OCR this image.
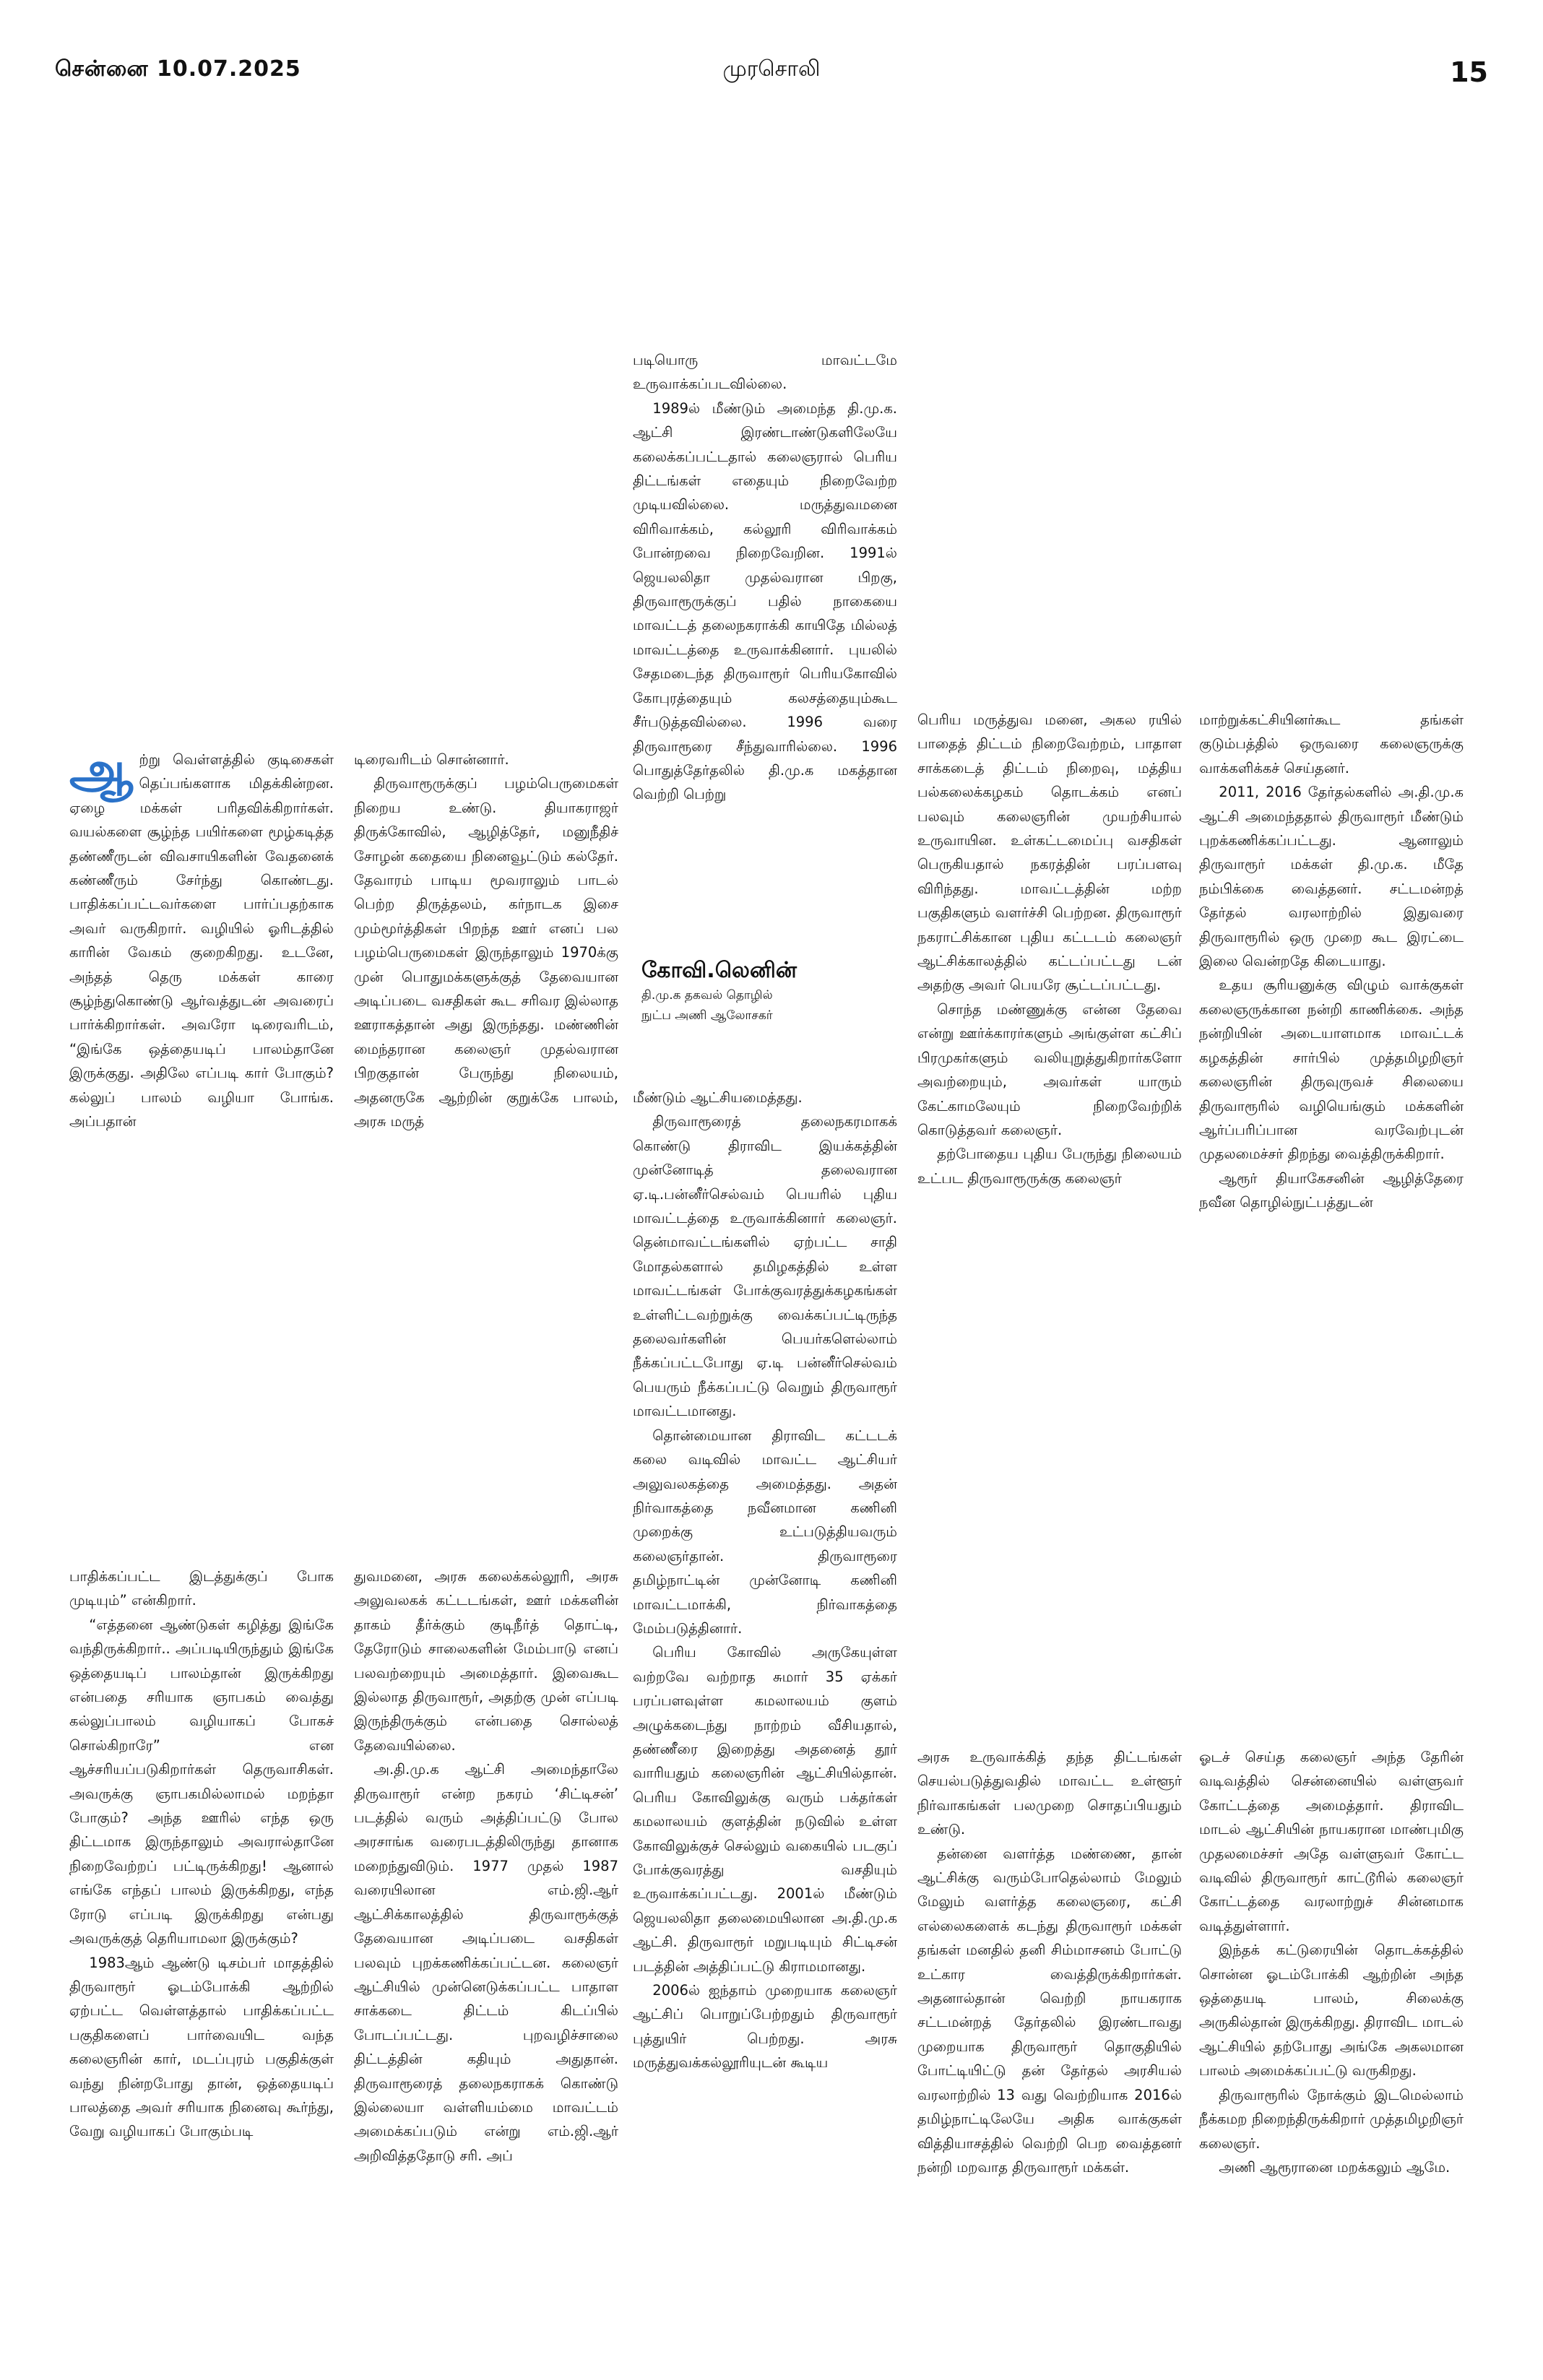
சென்னை 10.07.2025	முரசொலி	15

ஆற்று வெள்ளத்தில் குடிசைகள் தெப்பங்களாக மிதக்கின்றன. ஏழை மக்கள் பரிதவிக்கிறார்கள். வயல்களை சூழ்ந்த பயிர்களை மூழ்கடித்த தண்ணீருடன் விவசாயிகளின் வேதனைக் கண்ணீரும் சேர்ந்து கொண்டது. பாதிக்கப்பட்டவர்களை பார்ப்பதற்காக அவர் வருகிறார். வழியில் ஓரிடத்தில் காரின் வேகம் குறைகிறது. உடனே, அந்தத் தெரு மக்கள் காரை சூழ்ந்துகொண்டு ஆர்வத்துடன் அவரைப் பார்க்கிறார்கள். அவரோ டிரைவரிடம், “இங்கே ஒத்தையடிப் பாலம்தானே இருக்குது. அதிலே எப்படி கார் போகும்? கல்லுப் பாலம் வழியா போங்க. அப்பதான்

டிரைவரிடம் சொன்னார்.

திருவாரூருக்குப் பழம்பெருமைகள் நிறைய உண்டு. தியாகராஜர் திருக்கோவில், ஆழித்தேர், மனுநீதிச் சோழன் கதையை நினைவூட்டும் கல்தேர். தேவாரம் பாடிய மூவராலும் பாடல் பெற்ற திருத்தலம், கர்நாடக இசை மும்மூர்த்திகள் பிறந்த ஊர் எனப் பல பழம்பெருமைகள் இருந்தாலும் 1970க்கு முன் பொதுமக்களுக்குத் தேவையான அடிப்படை வசதிகள் கூட சரிவர இல்லாத ஊராகத்தான் அது இருந்தது. மண்ணின் மைந்தரான கலைஞர் முதல்வரான பிறகுதான் பேருந்து நிலையம், அதனருகே ஆற்றின் குறுக்கே பாலம், அரசு மருத்

படியொரு மாவட்டமே உருவாக்கப்படவில்லை.

1989ல் மீண்டும் அமைந்த தி.மு.க. ஆட்சி இரண்டாண்டுகளிலேயே கலைக்கப்பட்டதால் கலைஞரால் பெரிய திட்டங்கள் எதையும் நிறைவேற்ற முடியவில்லை. மருத்துவமனை விரிவாக்கம், கல்லூரி விரிவாக்கம் போன்றவை நிறைவேறின. 1991ல் ஜெயலலிதா முதல்வரான பிறகு, திருவாரூருக்குப் பதில் நாகையை மாவட்டத் தலைநகராக்கி காயிதே மில்லத் மாவட்டத்தை உருவாக்கினார். புயலில் சேதமடைந்த திருவாரூர் பெரியகோவில் கோபுரத்தையும் கலசத்தையும்கூட சீர்படுத்தவில்லை. 1996 வரை திருவாரூரை சீந்துவாரில்லை. 1996 பொதுத்தேர்தலில் தி.மு.க மகத்தான வெற்றி பெற்று

கோவி.லெனின்
தி.மு.க தகவல் தொழில்
நுட்ப அணி ஆலோசகர்

மீண்டும் ஆட்சியமைத்தது.

திருவாரூரைத் தலைநகரமாகக் கொண்டு திராவிட இயக்கத்தின் முன்னோடித் தலைவரான ஏ.டி.பன்னீர்செல்வம் பெயரில் புதிய மாவட்டத்தை உருவாக்கினார் கலைஞர். தென்மாவட்டங்களில் ஏற்பட்ட சாதி மோதல்களால் தமிழகத்தில் உள்ள மாவட்டங்கள் போக்குவரத்துக்கழகங்கள் உள்ளிட்டவற்றுக்கு வைக்கப்பட்டிருந்த தலைவர்களின் பெயர்களெல்லாம் நீக்கப்பட்டபோது ஏ.டி பன்னீர்செல்வம் பெயரும் நீக்கப்பட்டு வெறும் திருவாரூர் மாவட்டமானது.

தொன்மையான திராவிட கட்டடக் கலை வடிவில் மாவட்ட ஆட்சியர் அலுவலகத்தை அமைத்தது. அதன் நிர்வாகத்தை நவீனமான கணினி முறைக்கு உட்படுத்தியவரும் கலைஞர்தான். திருவாரூரை தமிழ்நாட்டின் முன்னோடி கணினி மாவட்டமாக்கி, நிர்வாகத்தை மேம்படுத்தினார்.

பெரிய கோவில் அருகேயுள்ள வற்றவே வற்றாத சுமார் 35 ஏக்கர் பரப்பளவுள்ள கமலாலயம் குளம் அழுக்கடைந்து நாற்றம் வீசியதால், தண்ணீரை இறைத்து அதனைத் தூர் வாரியதும் கலைஞரின் ஆட்சியில்தான். பெரிய கோவிலுக்கு வரும் பக்தர்கள் கமலாலயம் குளத்தின் நடுவில் உள்ள கோவிலுக்குச் செல்லும் வகையில் படகுப் போக்குவரத்து வசதியும் உருவாக்கப்பட்டது. 2001ல் மீண்டும் ஜெயலலிதா தலைமையிலான அ.தி.மு.க ஆட்சி. திருவாரூர் மறுபடியும் சிட்டிசன் படத்தின் அத்திப்பட்டு கிராமமானது.

2006ல் ஐந்தாம் முறையாக கலைஞர் ஆட்சிப் பொறுப்பேற்றதும் திருவாரூர் புத்துயிர் பெற்றது. அரசு மருத்துவக்கல்லூரியுடன் கூடிய

பெரிய மருத்துவ மனை, அகல ரயில் பாதைத் திட்டம் நிறைவேற்றம், பாதாள சாக்கடைத் திட்டம் நிறைவு, மத்திய பல்கலைக்கழகம் தொடக்கம் எனப் பலவும் கலைஞரின் முயற்சியால் உருவாயின. உள்கட்டமைப்பு வசதிகள் பெருகியதால் நகரத்தின் பரப்பளவு விரிந்தது. மாவட்டத்தின் மற்ற பகுதிகளும் வளர்ச்சி பெற்றன. திருவாரூர் நகராட்சிக்கான புதிய கட்டடம் கலைஞர் ஆட்சிக்காலத்தில் கட்டப்பட்டது டன் அதற்கு அவர் பெயரே சூட்டப்பட்டது.

சொந்த மண்ணுக்கு என்ன தேவை என்று ஊர்க்காரர்களும் அங்குள்ள கட்சிப் பிரமுகர்களும் வலியுறுத்துகிறார்களோ அவற்றையும், அவர்கள் யாரும் கேட்காமலேயும் நிறைவேற்றிக் கொடுத்தவர் கலைஞர்.

தற்போதைய புதிய பேருந்து நிலையம் உட்பட திருவாரூருக்கு கலைஞர்

மாற்றுக்கட்சியினர்கூட தங்கள் குடும்பத்தில் ஒருவரை கலைஞருக்கு வாக்களிக்கச் செய்தனர்.

2011, 2016 தேர்தல்களில் அ.தி.மு.க ஆட்சி அமைந்ததால் திருவாரூர் மீண்டும் புறக்கணிக்கப்பட்டது. ஆனாலும் திருவாரூர் மக்கள் தி.மு.க. மீதே நம்பிக்கை வைத்தனர். சட்டமன்றத் தேர்தல் வரலாற்றில் இதுவரை திருவாரூரில் ஒரு முறை கூட இரட்டை இலை வென்றதே கிடையாது.

உதய சூரியனுக்கு விழும் வாக்குகள் கலைஞருக்கான நன்றி காணிக்கை. அந்த நன்றியின் அடையாளமாக மாவட்டக் கழகத்தின் சார்பில் முத்தமிழறிஞர் கலைஞரின் திருவுருவச் சிலையை திருவாரூரில் வழியெங்கும் மக்களின் ஆர்ப்பரிப்பான வரவேற்புடன் முதலமைச்சர் திறந்து வைத்திருக்கிறார்.

ஆரூர் தியாகேசனின் ஆழித்தேரை நவீன தொழில்நுட்பத்துடன்

பாதிக்கப்பட்ட இடத்துக்குப் போக முடியும்” என்கிறார்.

“எத்தனை ஆண்டுகள் கழித்து இங்கே வந்திருக்கிறார்.. அப்படியிருந்தும் இங்கே ஒத்தையடிப் பாலம்தான் இருக்கிறது என்பதை சரியாக ஞாபகம் வைத்து கல்லுப்பாலம் வழியாகப் போகச் சொல்கிறாரே” என ஆச்சரியப்படுகிறார்கள் தெருவாசிகள். அவருக்கு ஞாபகமில்லாமல் மறந்தா போகும்? அந்த ஊரில் எந்த ஒரு திட்டமாக இருந்தாலும் அவரால்தானே நிறைவேற்றப் பட்டிருக்கிறது! ஆனால் எங்கே எந்தப் பாலம் இருக்கிறது, எந்த ரோடு எப்படி இருக்கிறது என்பது அவருக்குத் தெரியாமலா இருக்கும்?

1983ஆம் ஆண்டு டிசம்பர் மாதத்தில் திருவாரூர் ஓடம்போக்கி ஆற்றில் ஏற்பட்ட வெள்ளத்தால் பாதிக்கப்பட்ட பகுதிகளைப் பார்வையிட வந்த கலைஞரின் கார், மடப்புரம் பகுதிக்குள் வந்து நின்றபோது தான், ஒத்தையடிப் பாலத்தை அவர் சரியாக நினைவு கூர்ந்து, வேறு வழியாகப் போகும்படி

துவமனை, அரசு கலைக்கல்லூரி, அரசு அலுவலகக் கட்டடங்கள், ஊர் மக்களின் தாகம் தீர்க்கும் குடிநீர்த் தொட்டி, தேரோடும் சாலைகளின் மேம்பாடு எனப் பலவற்றையும் அமைத்தார். இவைகூட இல்லாத திருவாரூர், அதற்கு முன் எப்படி இருந்திருக்கும் என்பதை சொல்லத் தேவையில்லை.

அ.தி.மு.க ஆட்சி அமைந்தாலே திருவாரூர் என்ற நகரம் ‘சிட்டிசன்’ படத்தில் வரும் அத்திப்பட்டு போல அரசாங்க வரைபடத்திலிருந்து தானாக மறைந்துவிடும். 1977 முதல் 1987 வரையிலான எம்.ஜி.ஆர் ஆட்சிக்காலத்தில் திருவாரூக்குத் தேவையான அடிப்படை வசதிகள் பலவும் புறக்கணிக்கப்பட்டன. கலைஞர் ஆட்சியில் முன்னெடுக்கப்பட்ட பாதாள சாக்கடை திட்டம் கிடப்பில் போடப்பட்டது. புறவழிச்சாலை திட்டத்தின் கதியும் அதுதான். திருவாரூரைத் தலைநகராகக் கொண்டு இல்லையா வள்ளியம்மை மாவட்டம் அமைக்கப்படும் என்று எம்.ஜி.ஆர் அறிவித்ததோடு சரி. அப்

அரசு உருவாக்கித் தந்த திட்டங்கள் செயல்படுத்துவதில் மாவட்ட உள்ளூர் நிர்வாகங்கள் பலமுறை சொதப்பியதும் உண்டு.

தன்னை வளர்த்த மண்ணை, தான் ஆட்சிக்கு வரும்போதெல்லாம் மேலும் மேலும் வளர்த்த கலைஞரை, கட்சி எல்லைகளைக் கடந்து திருவாரூர் மக்கள் தங்கள் மனதில் தனி சிம்மாசனம் போட்டு உட்கார வைத்திருக்கிறார்கள். அதனால்தான் வெற்றி நாயகராக சட்டமன்றத் தேர்தலில் இரண்டாவது முறையாக திருவாரூர் தொகுதியில் போட்டியிட்டு தன் தேர்தல் அரசியல் வரலாற்றில் 13 வது வெற்றியாக 2016ல் தமிழ்நாட்டிலேயே அதிக வாக்குகள் வித்தியாசத்தில் வெற்றி பெற வைத்தனர் நன்றி மறவாத திருவாரூர் மக்கள்.

ஓடச் செய்த கலைஞர் அந்த தேரின் வடிவத்தில் சென்னையில் வள்ளுவர் கோட்டத்தை அமைத்தார். திராவிட மாடல் ஆட்சியின் நாயகரான மாண்புமிகு முதலமைச்சர் அதே வள்ளுவர் கோட்ட வடிவில் திருவாரூர் காட்டூரில் கலைஞர் கோட்டத்தை வரலாற்றுச் சின்னமாக வடித்துள்ளார்.

இந்தக் கட்டுரையின் தொடக்கத்தில் சொன்ன ஓடம்போக்கி ஆற்றின் அந்த ஒத்தையடி பாலம், சிலைக்கு அருகில்தான் இருக்கிறது. திராவிட மாடல் ஆட்சியில் தற்போது அங்கே அகலமான பாலம் அமைக்கப்பட்டு வருகிறது.

திருவாரூரில் நோக்கும் இடமெல்லாம் நீக்கமற நிறைந்திருக்கிறார் முத்தமிழறிஞர் கலைஞர்.

அணி ஆரூரானை மறக்கலும் ஆமே.
